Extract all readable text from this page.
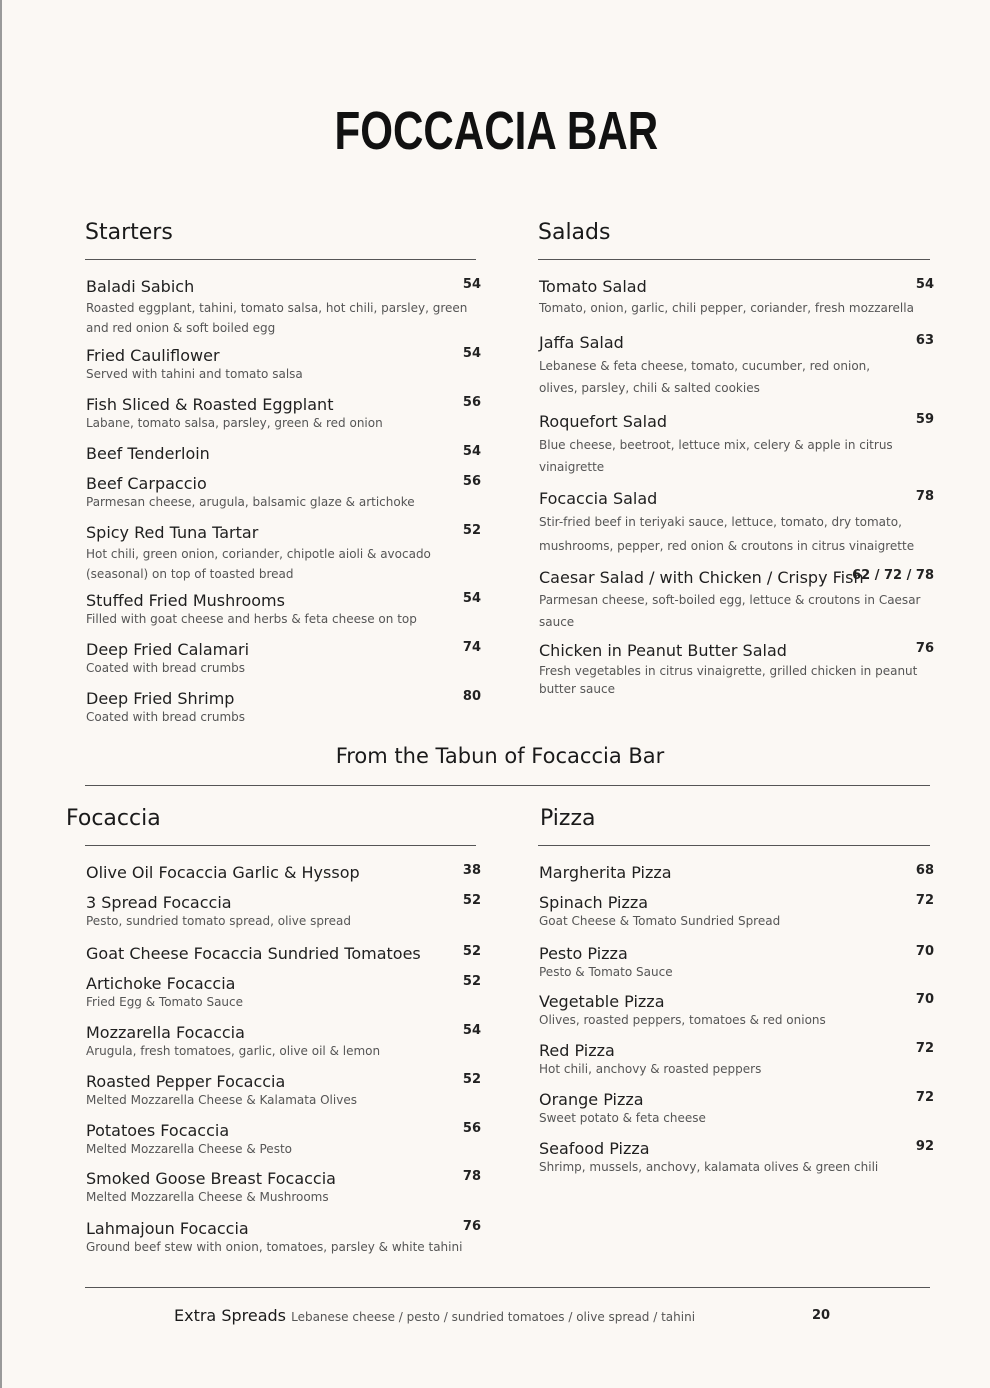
FOCCACIA BAR
Starters	Salads
From the Tabun of Focaccia Bar
Focaccia	Pizza
Baladi Sabich
Roasted eggplant, tahini, tomato salsa, hot chili, parsley, green and red onion & soft boiled egg
54
Fried Cauliflower
Served with tahini and tomato salsa
54
Fish Sliced & Roasted Eggplant
Labane, tomato salsa, parsley, green & red onion
56
Beef Tenderloin	54
Beef Carpaccio
Parmesan cheese, arugula, balsamic glaze & artichoke
56
Spicy Red Tuna Tartar
Hot chili, green onion, coriander, chipotle aioli & avocado (seasonal) on top of toasted bread
52
Stuffed Fried Mushrooms
Filled with goat cheese and herbs & feta cheese on top
54
Deep Fried Calamari
Coated with bread crumbs
74
Deep Fried Shrimp
Coated with bread crumbs
80
Tomato Salad
Tomato, onion, garlic, chili pepper, coriander, fresh mozzarella
54
Jaffa Salad
Lebanese & feta cheese, tomato, cucumber, red onion, olives, parsley, chili & salted cookies
63
Roquefort Salad
Blue cheese, beetroot, lettuce mix, celery & apple in citrus vinaigrette
59
Focaccia Salad
Stir-fried beef in teriyaki sauce, lettuce, tomato, dry tomato, mushrooms, pepper, red onion & croutons in citrus vinaigrette
78
Caesar Salad / with Chicken / Crispy Fish
Parmesan cheese, soft-boiled egg, lettuce & croutons in Caesar sauce
62 / 72 / 78
Chicken in Peanut Butter Salad
Fresh vegetables in citrus vinaigrette, grilled chicken in peanut butter sauce
76
Olive Oil Focaccia Garlic & Hyssop	38
3 Spread Focaccia
Pesto, sundried tomato spread, olive spread
52
Goat Cheese Focaccia Sundried Tomatoes	52
Artichoke Focaccia
Fried Egg & Tomato Sauce
52
Mozzarella Focaccia
Arugula, fresh tomatoes, garlic, olive oil & lemon
54
Roasted Pepper Focaccia
Melted Mozzarella Cheese & Kalamata Olives
52
Potatoes Focaccia
Melted Mozzarella Cheese & Pesto
56
Smoked Goose Breast Focaccia
Melted Mozzarella Cheese & Mushrooms
78
Lahmajoun Focaccia
Ground beef stew with onion, tomatoes, parsley & white tahini
76
Margherita Pizza	68
Spinach Pizza
Goat Cheese & Tomato Sundried Spread
72
Pesto Pizza
Pesto & Tomato Sauce
70
Vegetable Pizza
Olives, roasted peppers, tomatoes & red onions
70
Red Pizza
Hot chili, anchovy & roasted peppers
72
Orange Pizza
Sweet potato & feta cheese
72
Seafood Pizza
Shrimp, mussels, anchovy, kalamata olives & green chili
92
Extra Spreads Lebanese cheese / pesto / sundried tomatoes / olive spread / tahini	20
